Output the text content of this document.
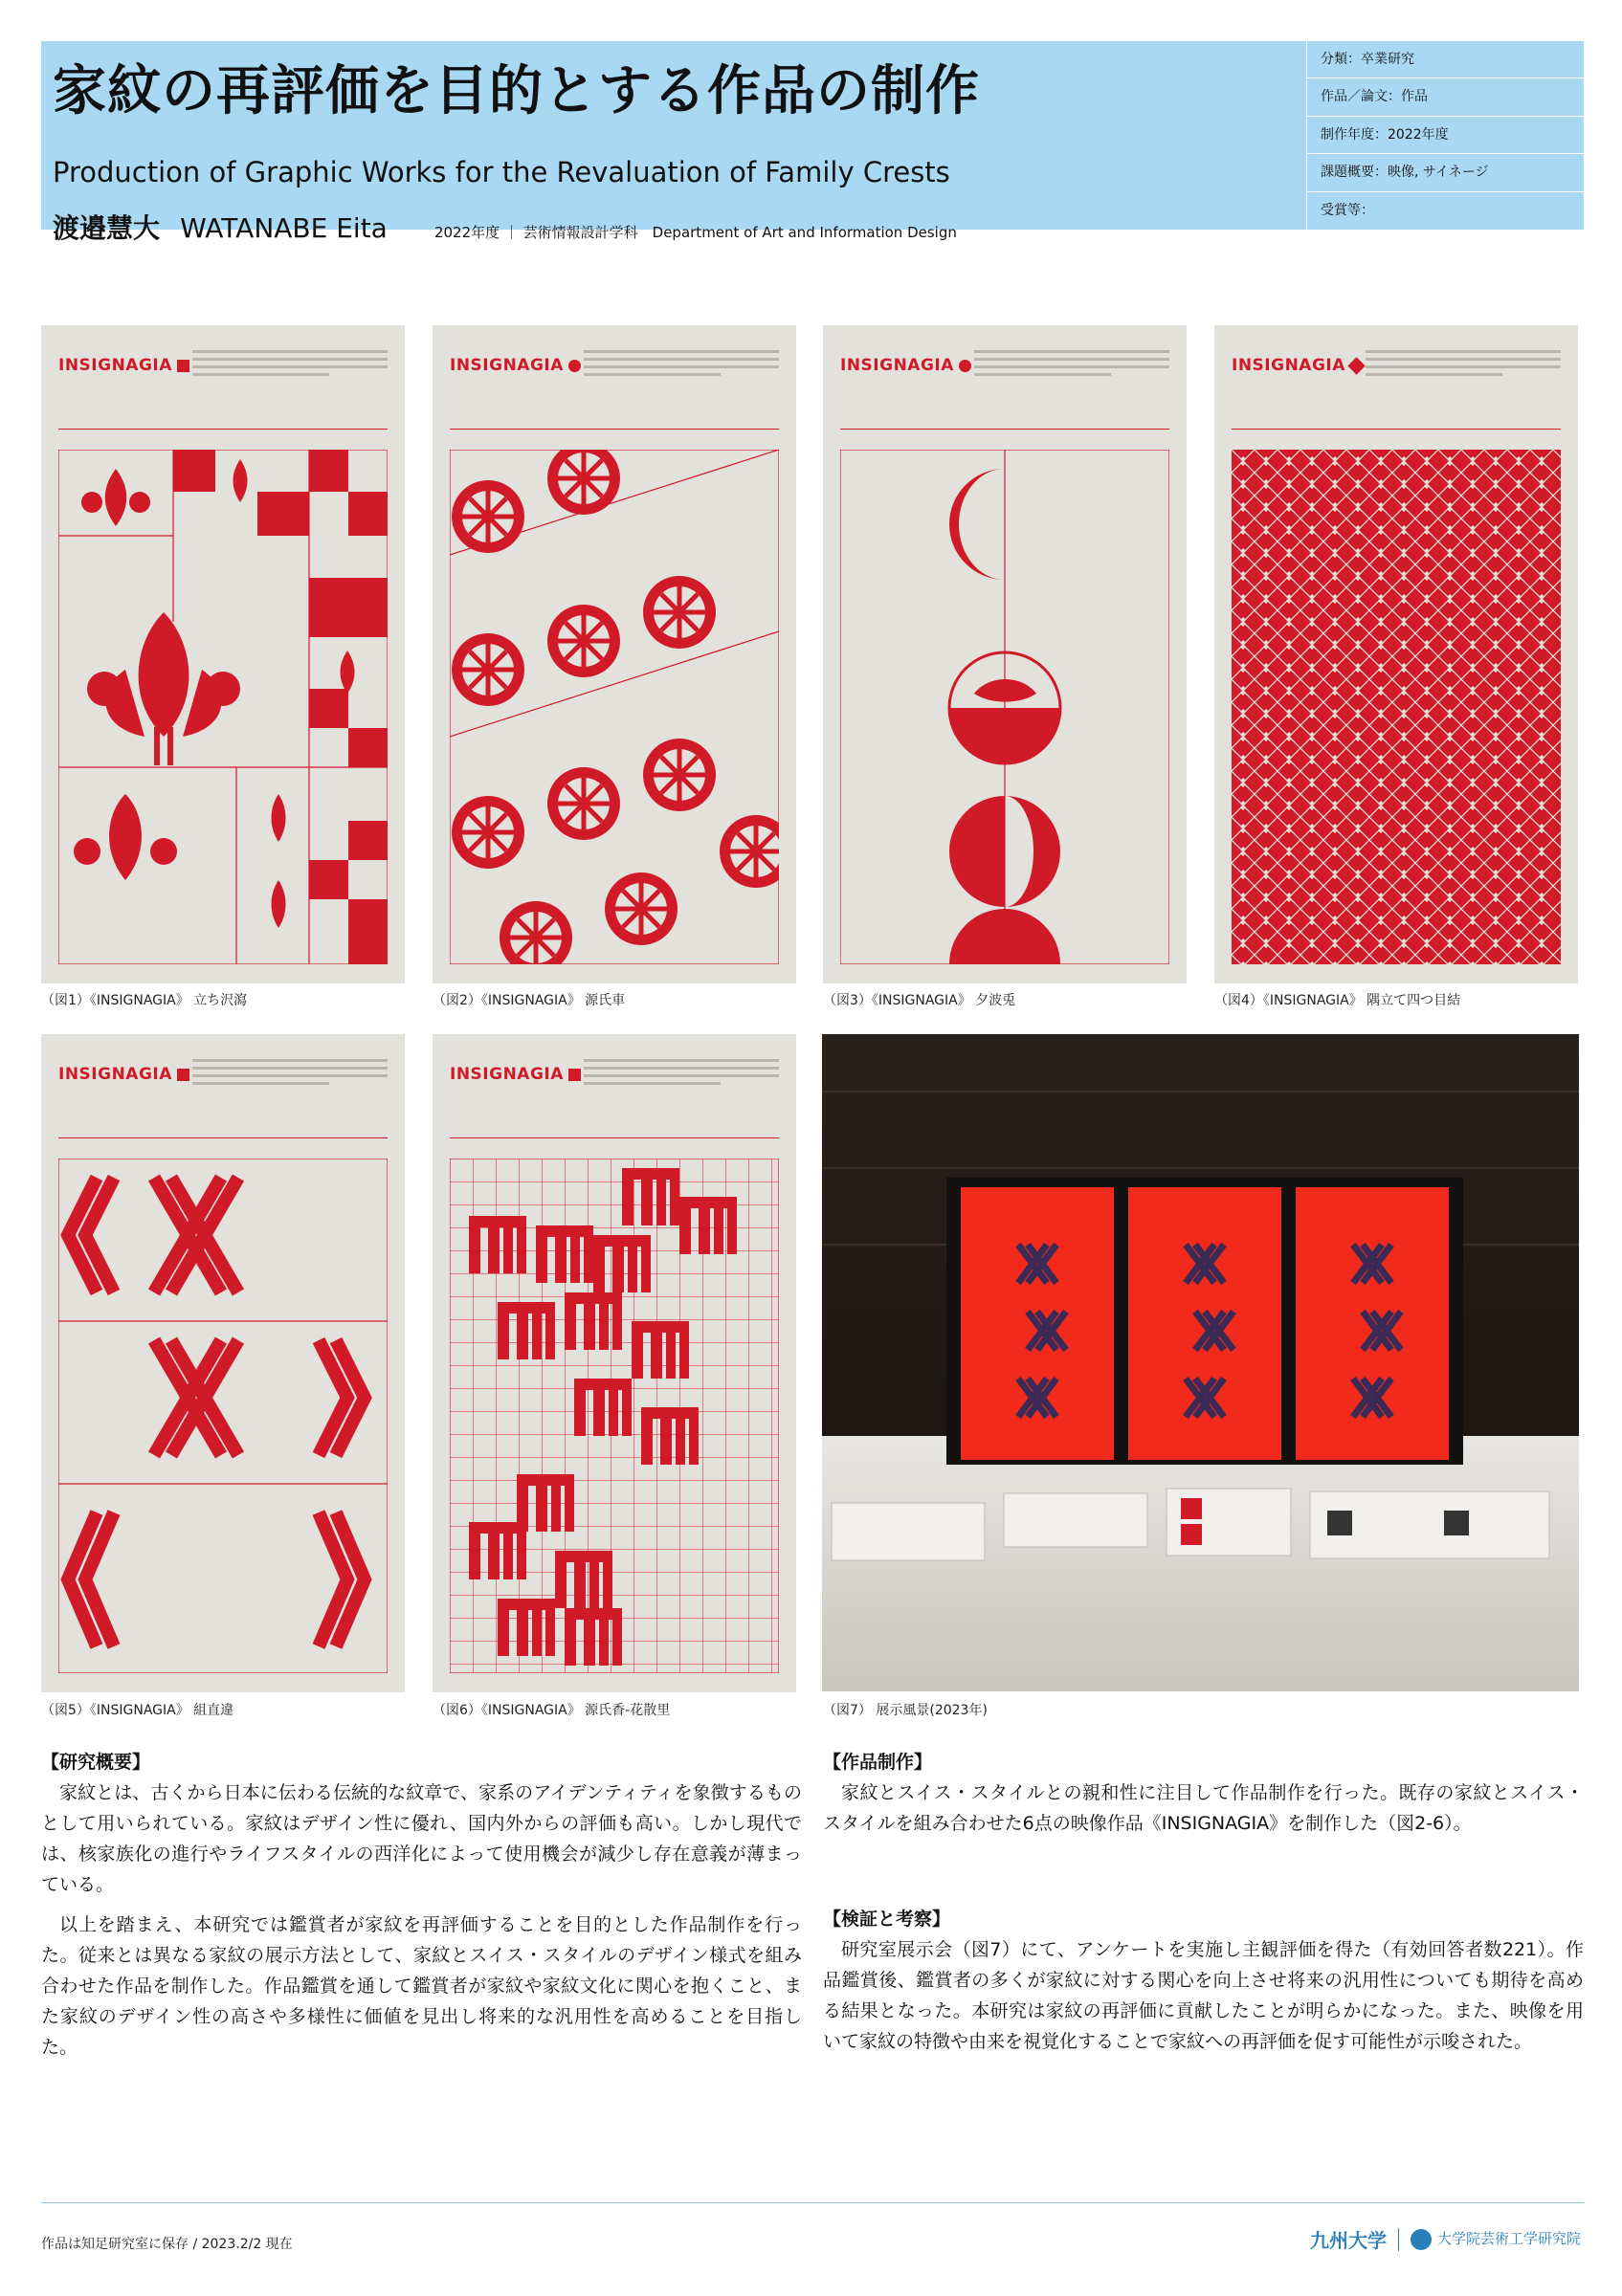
家紋の再評価を目的とする作品の制作
Production of Graphic Works for the Revaluation of Family Crests
渡邉慧大 WATANABE Eita	2022年度 ｜ 芸術情報設計学科　Department of Art and Information Design
分類：卒業研究
作品／論文：作品
制作年度：2022年度
課題概要：映像, サイネージ
受賞等：
INSIGNAGIA
（図1）《INSIGNAGIA》 立ち沢瀉
INSIGNAGIA
（図2）《INSIGNAGIA》 源氏車
INSIGNAGIA
（図3）《INSIGNAGIA》 夕波兎
INSIGNAGIA
（図4）《INSIGNAGIA》 隅立て四つ目結
INSIGNAGIA
（図5）《INSIGNAGIA》 組直違
INSIGNAGIA
（図6）《INSIGNAGIA》 源氏香-花散里	（図7） 展示風景(2023年)
【研究概要】

家紋とは、古くから日本に伝わる伝統的な紋章で、家系のアイデンティティを象徴するものとして用いられている。家紋はデザイン性に優れ、国内外からの評価も高い。しかし現代では、核家族化の進行やライフスタイルの西洋化によって使用機会が減少し存在意義が薄まっている。

以上を踏まえ、本研究では鑑賞者が家紋を再評価することを目的とした作品制作を行った。従来とは異なる家紋の展示方法として、家紋とスイス・スタイルのデザイン様式を組み合わせた作品を制作した。作品鑑賞を通して鑑賞者が家紋や家紋文化に関心を抱くこと、また家紋のデザイン性の高さや多様性に価値を見出し将来的な汎用性を高めることを目指した。

【作品制作】

家紋とスイス・スタイルとの親和性に注目して作品制作を行った。既存の家紋とスイス・スタイルを組み合わせた6点の映像作品《INSIGNAGIA》を制作した（図2-6）。

【検証と考察】

研究室展示会（図7）にて、アンケートを実施し主観評価を得た（有効回答者数221）。作品鑑賞後、鑑賞者の多くが家紋に対する関心を向上させ将来の汎用性についても期待を高める結果となった。本研究は家紋の再評価に貢献したことが明らかになった。また、映像を用いて家紋の特徴や由来を視覚化することで家紋への再評価を促す可能性が示唆された。

作品は知足研究室に保存 / 2023.2/2 現在	九州大学	大学院芸術工学研究院
